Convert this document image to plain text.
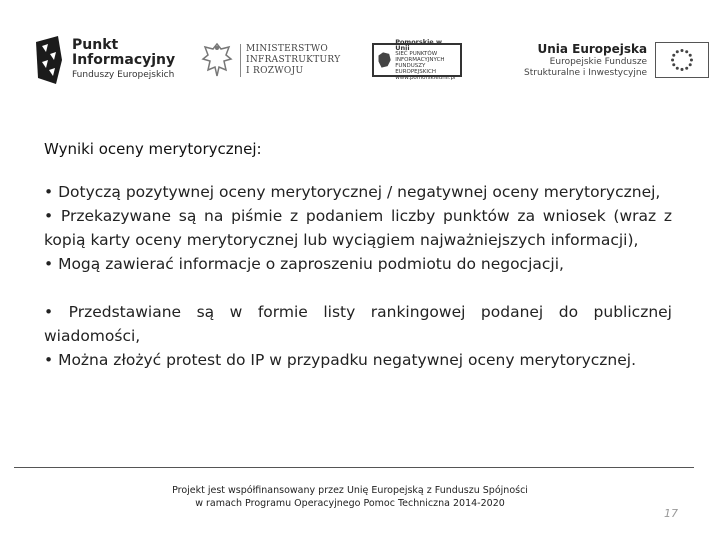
Punkt
Informacyjny
Funduszy Europejskich
MINISTERSTWO
INFRASTRUKTURY
I ROZWOJU
Pomorskie w Unii
SIEĆ PUNKTÓW
INFORMACYJNYCH FUNDUSZY
EUROPEJSKICH
www.pomorskieunii.pl
Unia Europejska
Europejskie Fundusze
Strukturalne i Inwestycyjne
Wyniki oceny merytorycznej:

• Dotyczą pozytywnej oceny merytorycznej / negatywnej oceny merytorycznej,

• Przekazywane są na piśmie z podaniem liczby punktów za wniosek (wraz z kopią karty oceny merytorycznej lub wyciągiem najważniejszych informacji),

• Mogą zawierać informacje o zaproszeniu podmiotu do negocjacji,

• Przedstawiane są w formie listy rankingowej podanej do publicznej wiadomości,

• Można złożyć protest do IP w przypadku negatywnej oceny merytorycznej.

Projekt jest współfinansowany przez Unię Europejską z Funduszu Spójności
w ramach Programu Operacyjnego Pomoc Techniczna 2014-2020
17
